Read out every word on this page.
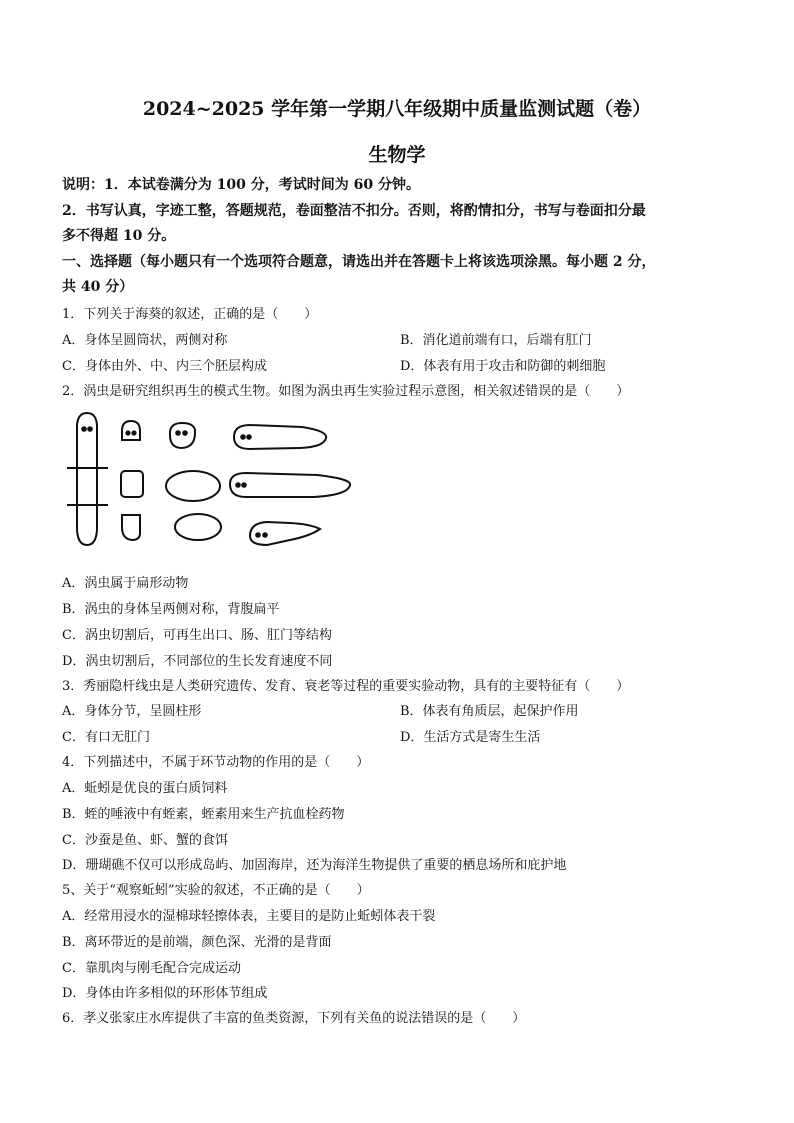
2024~2025 学年第一学期八年级期中质量监测试题（卷）
生物学
说明：1．本试卷满分为 100 分，考试时间为 60 分钟。
2．书写认真，字迹工整，答题规范，卷面整洁不扣分。否则，将酌情扣分，书写与卷面扣分最
多不得超 10 分。
一、选择题（每小题只有一个选项符合题意，请选出并在答题卡上将该选项涂黑。每小题 2 分，
共 40 分）
1．下列关于海葵的叙述，正确的是（　　）
A．身体呈圆筒状，两侧对称	B．消化道前端有口，后端有肛门
C．身体由外、中、内三个胚层构成	D．体表有用于攻击和防御的刺细胞
2．涡虫是研究组织再生的模式生物。如图为涡虫再生实验过程示意图，相关叙述错误的是（　　）
A．涡虫属于扁形动物
B．涡虫的身体呈两侧对称，背腹扁平
C．涡虫切割后，可再生出口、肠、肛门等结构
D．涡虫切割后，不同部位的生长发育速度不同
3．秀丽隐杆线虫是人类研究遗传、发育、衰老等过程的重要实验动物，具有的主要特征有（　　）
A．身体分节，呈圆柱形	B．体表有角质层，起保护作用
C．有口无肛门	D．生活方式是寄生生活
4．下列描述中，不属于环节动物的作用的是（　　）
A．蚯蚓是优良的蛋白质饲料
B．蛭的唾液中有蛭素，蛭素用来生产抗血栓药物
C．沙蚕是鱼、虾、蟹的食饵
D．珊瑚礁不仅可以形成岛屿、加固海岸，还为海洋生物提供了重要的栖息场所和庇护地
5、关于“观察蚯蚓”实验的叙述，不正确的是（　　）
A．经常用浸水的湿棉球轻擦体表，主要目的是防止蚯蚓体表干裂
B．离环带近的是前端，颜色深、光滑的是背面
C．靠肌肉与刚毛配合完成运动
D．身体由许多相似的环形体节组成
6．孝义张家庄水库提供了丰富的鱼类资源，下列有关鱼的说法错误的是（　　）
